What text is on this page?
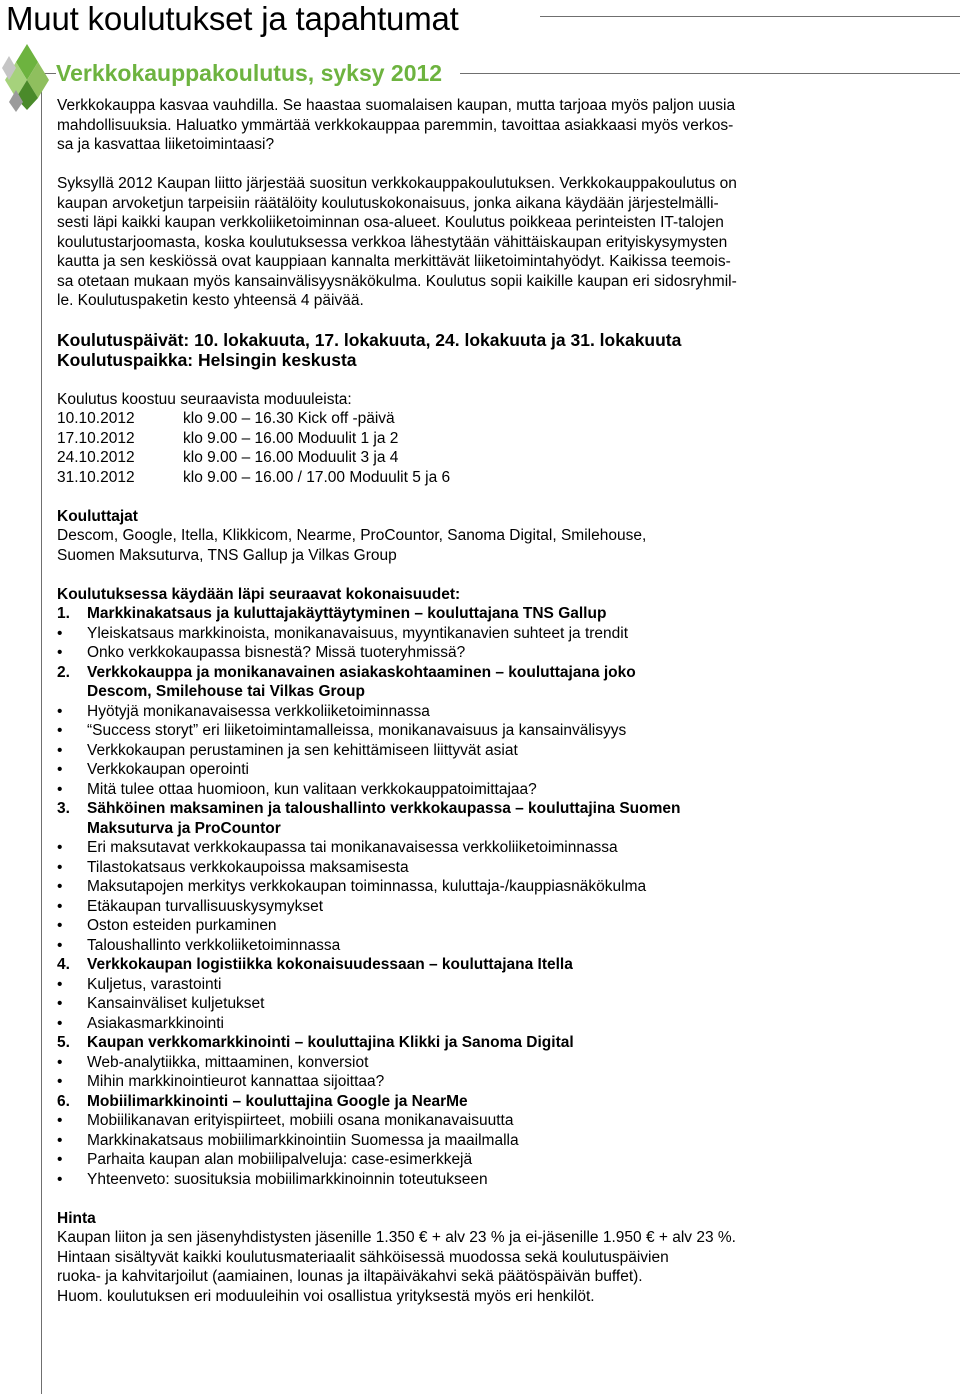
Muut koulutukset ja tapahtumat
Verkkokauppakoulutus, syksy 2012

Verkkokauppa kasvaa vauhdilla. Se haastaa suomalaisen kaupan, mutta tarjoaa myös paljon uusia

mahdollisuuksia. Haluatko ymmärtää verkkokauppaa paremmin, tavoittaa asiakkaasi myös verkos-

sa ja kasvattaa liiketoimintaasi?

Syksyllä 2012 Kaupan liitto järjestää suositun verkkokauppakoulutuksen. Verkkokauppakoulutus on

kaupan arvoketjun tarpeisiin räätälöity koulutuskokonaisuus, jonka aikana käydään järjestelmälli-

sesti läpi kaikki kaupan verkkoliiketoiminnan osa-alueet. Koulutus poikkeaa perinteisten IT-talojen

koulutustarjoomasta, koska koulutuksessa verkkoa lähestytään vähittäiskaupan erityiskysymysten

kautta ja sen keskiössä ovat kauppiaan kannalta merkittävät liiketoimintahyödyt. Kaikissa teemois-

sa otetaan mukaan myös kansainvälisyysnäkökulma. Koulutus sopii kaikille kaupan eri sidosryhmil-

le. Koulutuspaketin kesto yhteensä 4 päivää.

Koulutuspäivät: 10. lokakuuta, 17. lokakuuta, 24. lokakuuta ja 31. lokakuuta

Koulutuspaikka: Helsingin keskusta

Koulutus koostuu seuraavista moduuleista:

10.10.2012	klo 9.00 – 16.30 Kick off -päivä
17.10.2012	klo 9.00 – 16.00 Moduulit 1 ja 2
24.10.2012	klo 9.00 – 16.00 Moduulit 3 ja 4
31.10.2012	klo 9.00 – 16.00 / 17.00 Moduulit 5 ja 6

Kouluttajat

Descom, Google, Itella, Klikkicom, Nearme, ProCountor, Sanoma Digital, Smilehouse,

Suomen Maksuturva, TNS Gallup ja Vilkas Group

Koulutuksessa käydään läpi seuraavat kokonaisuudet:

1.	Markkinakatsaus ja kuluttajakäyttäytyminen – kouluttajana TNS Gallup
•	Yleiskatsaus markkinoista, monikanavaisuus, myyntikanavien suhteet ja trendit
•	Onko verkkokaupassa bisnestä? Missä tuoteryhmissä?
2.	Verkkokauppa ja monikanavainen asiakaskohtaaminen – kouluttajana joko
Descom, Smilehouse tai Vilkas Group
•	Hyötyjä monikanavaisessa verkkoliiketoiminnassa
•	“Success storyt” eri liiketoimintamalleissa, monikanavaisuus ja kansainvälisyys
•	Verkkokaupan perustaminen ja sen kehittämiseen liittyvät asiat
•	Verkkokaupan operointi
•	Mitä tulee ottaa huomioon, kun valitaan verkkokauppatoimittajaa?
3.	Sähköinen maksaminen ja taloushallinto verkkokaupassa – kouluttajina Suomen
Maksuturva ja ProCountor
•	Eri maksutavat verkkokaupassa tai monikanavaisessa verkkoliiketoiminnassa
•	Tilastokatsaus verkkokaupoissa maksamisesta
•	Maksutapojen merkitys verkkokaupan toiminnassa, kuluttaja-/kauppiasnäkökulma
•	Etäkaupan turvallisuuskysymykset
•	Oston esteiden purkaminen
•	Taloushallinto verkkoliiketoiminnassa
4.	Verkkokaupan logistiikka kokonaisuudessaan – kouluttajana Itella
•	Kuljetus, varastointi
•	Kansainväliset kuljetukset
•	Asiakasmarkkinointi
5.	Kaupan verkkomarkkinointi – kouluttajina Klikki ja Sanoma Digital
•	Web-analytiikka, mittaaminen, konversiot
•	Mihin markkinointieurot kannattaa sijoittaa?
6.	Mobiilimarkkinointi – kouluttajina Google ja NearMe
•	Mobiilikanavan erityispiirteet, mobiili osana monikanavaisuutta
•	Markkinakatsaus mobiilimarkkinointiin Suomessa ja maailmalla
•	Parhaita kaupan alan mobiilipalveluja: case-esimerkkejä
•	Yhteenveto: suosituksia mobiilimarkkinoinnin toteutukseen

Hinta

Kaupan liiton ja sen jäsenyhdistysten jäsenille 1.350 € + alv 23 % ja ei-jäsenille 1.950 € + alv 23 %.

Hintaan sisältyvät kaikki koulutusmateriaalit sähköisessä muodossa sekä koulutuspäivien

ruoka- ja kahvitarjoilut (aamiainen, lounas ja iltapäiväkahvi sekä päätöspäivän buffet).

Huom. koulutuksen eri moduuleihin voi osallistua yrityksestä myös eri henkilöt.
